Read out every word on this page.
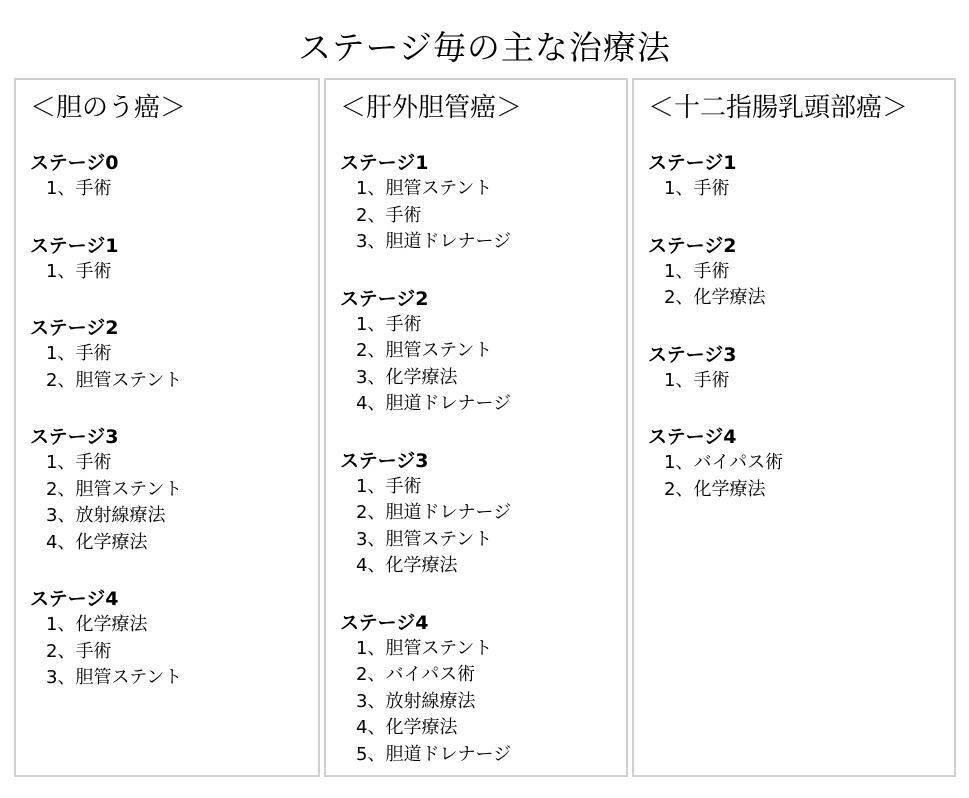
ステージ毎の主な治療法
＜胆のう癌＞
ステージ0
1、手術
ステージ1
1、手術
ステージ2
1、手術
2、胆管ステント
ステージ3
1、手術
2、胆管ステント
3、放射線療法
4、化学療法
ステージ4
1、化学療法
2、手術
3、胆管ステント
＜肝外胆管癌＞
ステージ1
1、胆管ステント
2、手術
3、胆道ドレナージ
ステージ2
1、手術
2、胆管ステント
3、化学療法
4、胆道ドレナージ
ステージ3
1、手術
2、胆道ドレナージ
3、胆管ステント
4、化学療法
ステージ4
1、胆管ステント
2、バイパス術
3、放射線療法
4、化学療法
5、胆道ドレナージ
＜十二指腸乳頭部癌＞
ステージ1
1、手術
ステージ2
1、手術
2、化学療法
ステージ3
1、手術
ステージ4
1、バイパス術
2、化学療法
